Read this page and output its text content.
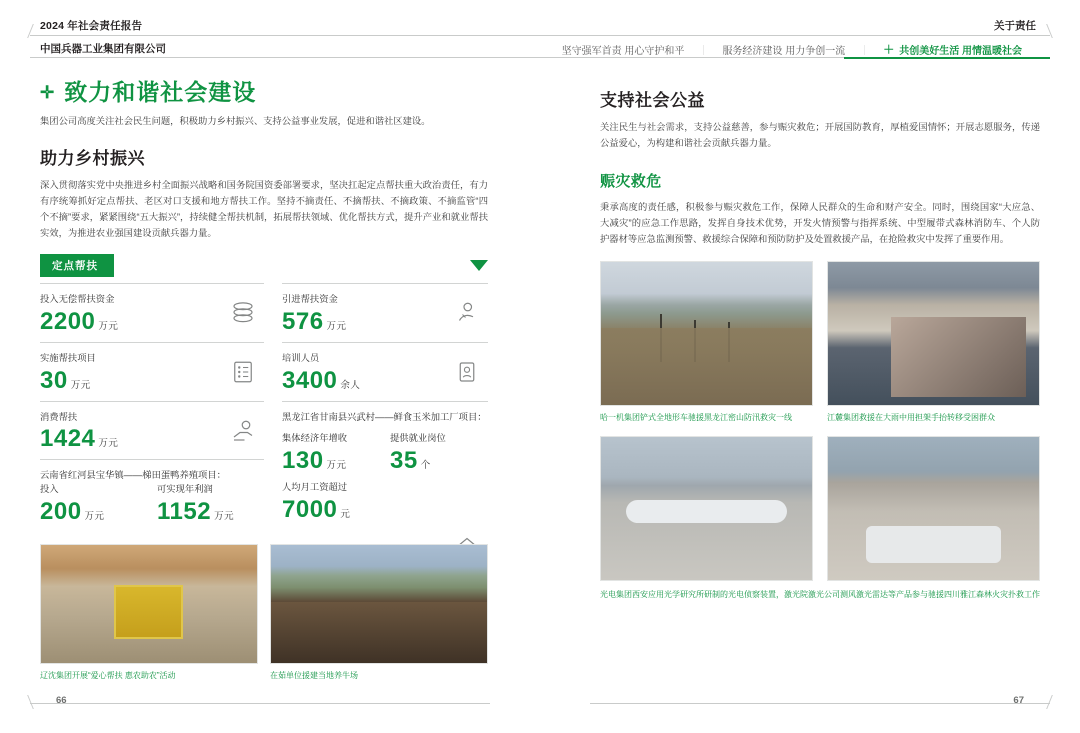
2024 年社会责任报告	关于责任
中国兵器工业集团有限公司	坚守强军首责 用心守护和平	｜	服务经济建设 用力争创一流	｜ ＋ 共创美好生活 用情温暖社会
✛ 致力和谐社会建设

集团公司高度关注社会民生问题，积极助力乡村振兴、支持公益事业发展，促进和谐社区建设。

助力乡村振兴

深入贯彻落实党中央推进乡村全面振兴战略和国务院国资委部署要求，坚决扛起定点帮扶重大政治责任，有力有序统筹抓好定点帮扶、老区对口支援和地方帮扶工作。坚持不摘责任、不摘帮扶、不摘政策、不摘监管“四个不摘”要求，紧紧围绕“五大振兴”，持续健全帮扶机制，拓展帮扶领域、优化帮扶方式，提升产业和就业帮扶实效，为推进农业强国建设贡献兵器力量。

定点帮扶
投入无偿帮扶资金
2200 万元
实施帮扶项目
30 万元
消费帮扶
1424 万元
云南省红河县宝华镇——梯田蛋鸭养殖项目：
投入
200 万元
可实现年利润
1152 万元
引进帮扶资金
576 万元
培训人员
3400 余人
黑龙江省甘南县兴武村——鲜食玉米加工厂项目：
集体经济年增收
130 万元
提供就业岗位
35 个
人均月工资超过
7000 元
辽沈集团开展“爱心帮扶 惠农助农”活动	在茹单位援建当地养牛场
支持社会公益

关注民生与社会需求，支持公益慈善，参与赈灾救危；开展国防教育，厚植爱国情怀；开展志愿服务，传递公益爱心，为构建和谐社会贡献兵器力量。

赈灾救危

秉承高度的责任感，积极参与赈灾救危工作，保障人民群众的生命和财产安全。同时，围绕国家“大应急、大减灾”的应急工作思路，发挥自身技术优势，开发火情预警与指挥系统、中型履带式森林消防车、个人防护器材等应急监测预警、救援综合保障和预防防护及处置救援产品，在抢险救灾中发挥了重要作用。

哈一机集团铲式全地形车驰援黑龙江密山防汛救灾一线	江麓集团救援在大雨中用担架手抬转移受困群众
光电集团西安应用光学研究所研制的光电侦察装置，激光院激光公司测风激光雷达等产品参与驰援四川雅江森林火灾扑救工作
66	67
